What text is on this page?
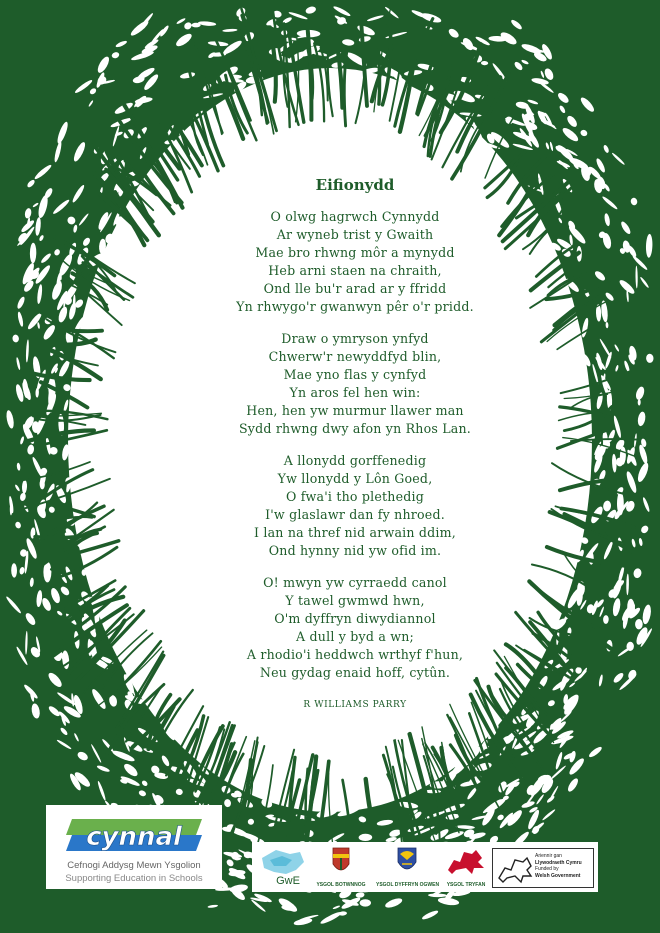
Eifionydd
O olwg hagrwch Cynnydd
Ar wyneb trist y Gwaith
Mae bro rhwng môr a mynydd
Heb arni staen na chraith,
Ond lle bu'r arad ar y ffridd
Yn rhwygo'r gwanwyn pêr o'r pridd.
Draw o ymryson ynfyd
Chwerw'r newyddfyd blin,
Mae yno flas y cynfyd
Yn aros fel hen win:
Hen, hen yw murmur llawer man
Sydd rhwng dwy afon yn Rhos Lan.
A llonydd gorffenedig
Yw llonydd y Lôn Goed,
O fwa'i tho plethedig
I'w glaslawr dan fy nhroed.
I lan na thref nid arwain ddim,
Ond hynny nid yw ofid im.
O! mwyn yw cyrraedd canol
Y tawel gwmwd hwn,
O'm dyffryn diwydiannol
A dull y byd a wn;
A rhodio'i heddwch wrthyf f'hun,
Neu gydag enaid hoff, cytûn.
R WILLIAMS PARRY
cynnal
Cefnogi Addysg Mewn Ysgolion
Supporting Education in Schools	GwE	YSGOL BOTWNNOG YSGOL DYFFRYN OGWEN	YSGOL TRYFAN
Ariennir gan
Llywodraeth Cymru
Funded by
Welsh Government
